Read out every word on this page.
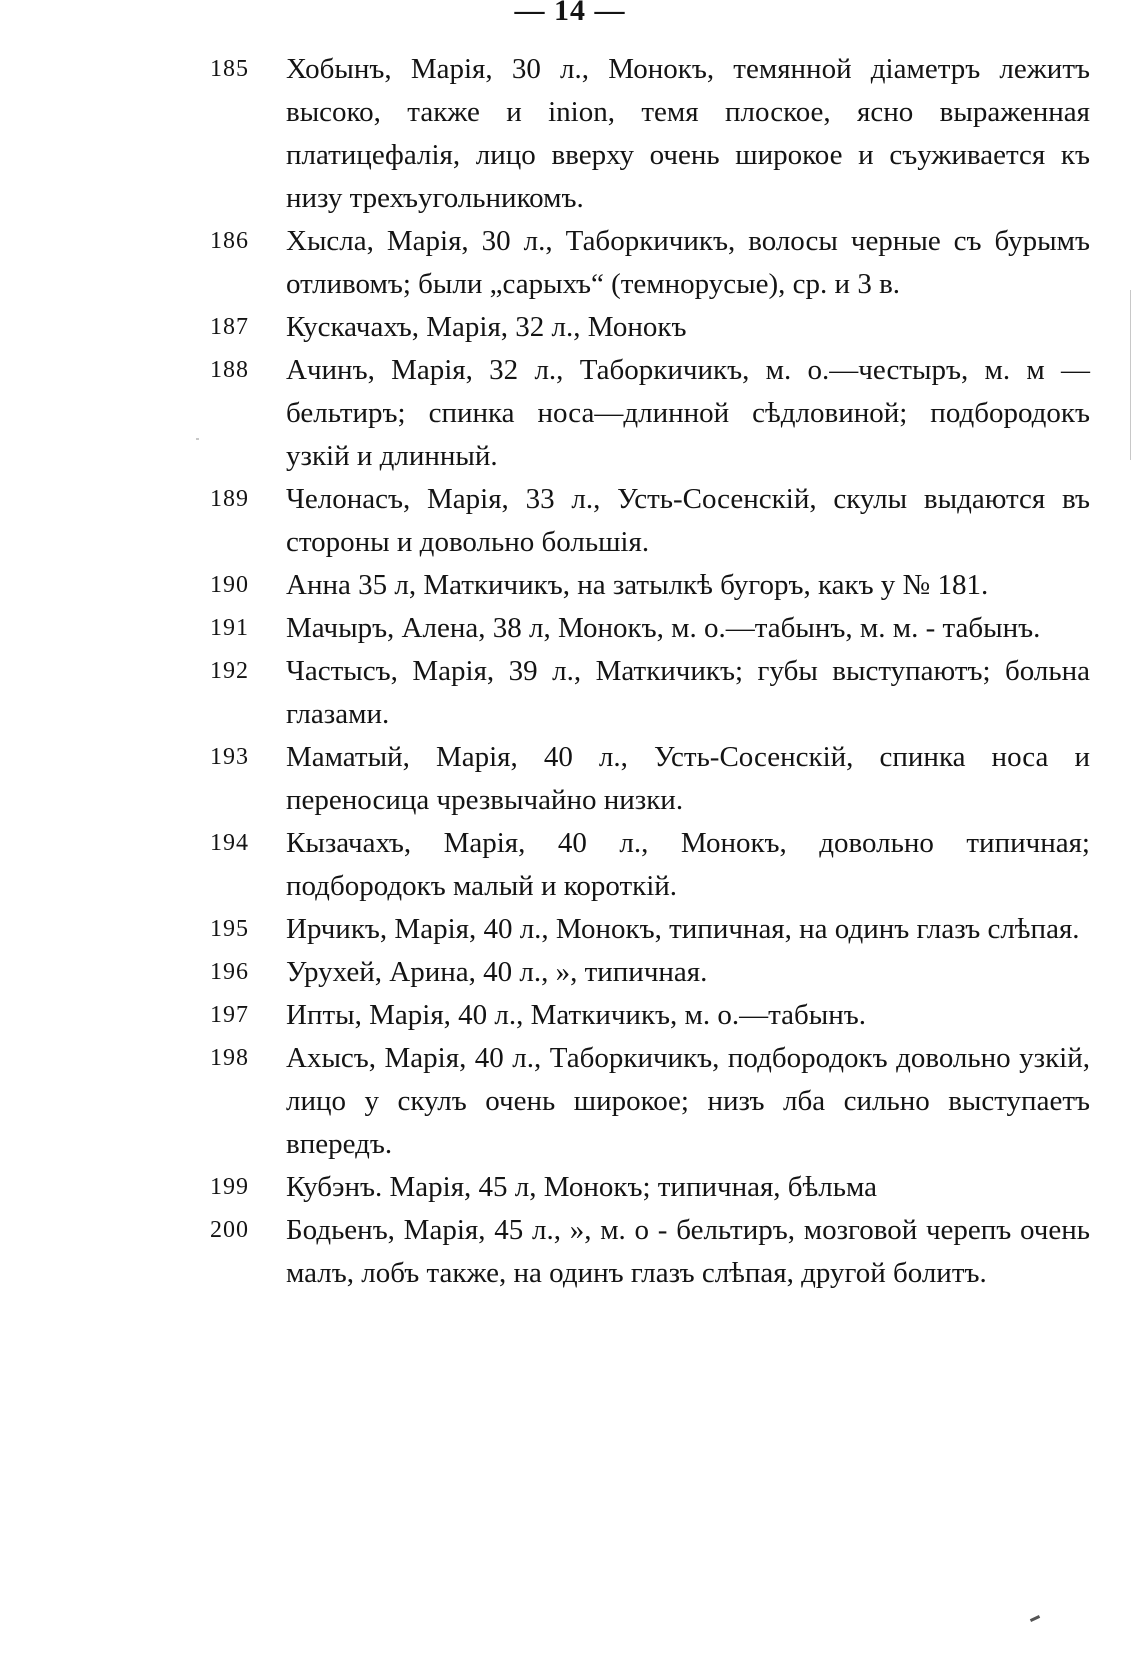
— 14 —
185	Хобынъ, Марія, 30 л., Монокъ, темянной діаметръ лежитъ высоко, также и inion, темя плоское, ясно выраженная платицефалія, лицо вверху очень широкое и съуживается къ низу трехъугольникомъ.
186	Хысла, Марія, 30 л., Таборкичикъ, волосы черные съ бурымъ отливомъ; были „сарыхъ“ (темнорусые), ср. и 3 в.
187	Кускачахъ, Марія, 32 л., Монокъ
188	Ачинъ, Марія, 32 л., Таборкичикъ, м. о.—честыръ, м. м — бельтиръ; спинка носа—длинной сѣдловиной; подбородокъ узкій и длинный.
189	Челонасъ, Марія, 33 л., Усть-Сосенскій, скулы выдаются въ стороны и довольно большія.
190	Анна 35 л, Маткичикъ, на затылкѣ бугоръ, какъ у № 181.
191	Мачыръ, Алена, 38 л, Монокъ, м. о.—табынъ, м. м. - табынъ.
192	Частысъ, Марія, 39 л., Маткичикъ; губы выступаютъ; больна глазами.
193	Маматый, Марія, 40 л., Усть-Сосенскій, спинка носа и переносица чрезвычайно низки.
194	Кызачахъ, Марія, 40 л., Монокъ, довольно типичная; подбородокъ малый и короткій.
195	Ирчикъ, Марія, 40 л., Монокъ, типичная, на одинъ глазъ слѣпая.
196	Урухей, Арина, 40 л., », типичная.
197	Ипты, Марія, 40 л., Маткичикъ, м. о.—табынъ.
198	Ахысъ, Марія, 40 л., Таборкичикъ, подбородокъ довольно узкій, лицо у скулъ очень широкое; низъ лба сильно выступаетъ впередъ.
199	Кубэнъ. Марія, 45 л, Монокъ; типичная, бѣльма
200	Бодьенъ, Марія, 45 л., », м. о - бельтиръ, мозговой черепъ очень малъ, лобъ также, на одинъ глазъ слѣпая, другой болитъ.
